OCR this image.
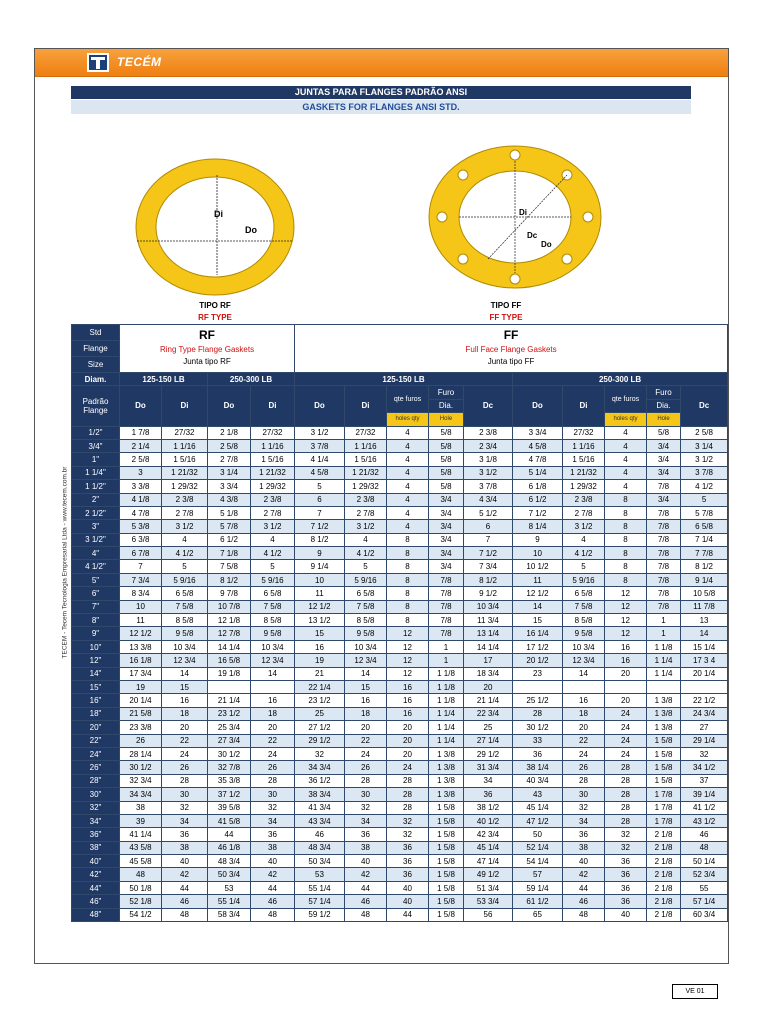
TECÉM
JUNTAS PARA FLANGES PADRÃO ANSI
GASKETS FOR FLANGES ANSI STD.
Di
Do
TIPO RF
RF TYPE
Di
Dc
Do
TIPO FF
FF TYPE
TECEM - Tecem Tecnologia Empresarial Ltda - www.tecem.com.br
Std	RF
Ring Type Flange Gaskets
Junta tipo RF				FF
Full Face Flange Gaskets
Junta tipo FF									

Flange														
Size														
Diam.	125-150 LB		250-300 LB		125-150 LB					250-300 LB				
Padrão
Flange	Do	Di	Do	Di	Do	Di	qte furos	Furo	Dc	Do	Di	qte furos	Furo	Dc
								Dia.					Dia.	
							holes qty	Hole				holes qty	Hole	
1/2"	1 7/8	27/32	2 1/8	27/32	3 1/2	27/32	4	5/8	2 3/8	3 3/4	27/32	4	5/8	2 5/8
3/4"	2 1/4	1 1/16	2 5/8	1 1/16	3 7/8	1 1/16	4	5/8	2 3/4	4 5/8	1 1/16	4	3/4	3 1/4
1"	2 5/8	1 5/16	2 7/8	1 5/16	4 1/4	1 5/16	4	5/8	3 1/8	4 7/8	1 5/16	4	3/4	3 1/2
1 1/4"	3	1 21/32	3 1/4	1 21/32	4 5/8	1 21/32	4	5/8	3 1/2	5 1/4	1 21/32	4	3/4	3 7/8
1 1/2"	3 3/8	1 29/32	3 3/4	1 29/32	5	1 29/32	4	5/8	3 7/8	6 1/8	1 29/32	4	7/8	4 1/2
2"	4 1/8	2 3/8	4 3/8	2 3/8	6	2 3/8	4	3/4	4 3/4	6 1/2	2 3/8	8	3/4	5
2 1/2"	4 7/8	2 7/8	5 1/8	2 7/8	7	2 7/8	4	3/4	5 1/2	7 1/2	2 7/8	8	7/8	5 7/8
3"	5 3/8	3 1/2	5 7/8	3 1/2	7 1/2	3 1/2	4	3/4	6	8 1/4	3 1/2	8	7/8	6 5/8
3 1/2"	6 3/8	4	6 1/2	4	8 1/2	4	8	3/4	7	9	4	8	7/8	7 1/4
4"	6 7/8	4 1/2	7 1/8	4 1/2	9	4 1/2	8	3/4	7 1/2	10	4 1/2	8	7/8	7 7/8
4 1/2"	7	5	7 5/8	5	9 1/4	5	8	3/4	7 3/4	10 1/2	5	8	7/8	8 1/2
5"	7 3/4	5 9/16	8 1/2	5 9/16	10	5 9/16	8	7/8	8 1/2	11	5 9/16	8	7/8	9 1/4
6"	8 3/4	6 5/8	9 7/8	6 5/8	11	6 5/8	8	7/8	9 1/2	12 1/2	6 5/8	12	7/8	10 5/8
7"	10	7 5/8	10 7/8	7 5/8	12 1/2	7 5/8	8	7/8	10 3/4	14	7 5/8	12	7/8	11 7/8
8"	11	8 5/8	12 1/8	8 5/8	13 1/2	8 5/8	8	7/8	11 3/4	15	8 5/8	12	1	13
9"	12 1/2	9 5/8	12 7/8	9 5/8	15	9 5/8	12	7/8	13 1/4	16 1/4	9 5/8	12	1	14
10"	13 3/8	10 3/4	14 1/4	10 3/4	16	10 3/4	12	1	14 1/4	17 1/2	10 3/4	16	1 1/8	15 1/4
12"	16 1/8	12 3/4	16 5/8	12 3/4	19	12 3/4	12	1	17	20 1/2	12 3/4	16	1 1/4	17 3 4
14"	17 3/4	14	19 1/8	14	21	14	12	1 1/8	18 3/4	23	14	20	1 1/4	20 1/4
15"	19	15			22 1/4	15	16	1 1/8	20					
16"	20 1/4	16	21 1/4	16	23 1/2	16	16	1 1/8	21 1/4	25 1/2	16	20	1 3/8	22 1/2
18"	21 5/8	18	23 1/2	18	25	18	16	1 1/4	22 3/4	28	18	24	1 3/8	24 3/4
20"	23 3/8	20	25 3/4	20	27 1/2	20	20	1 1/4	25	30 1/2	20	24	1 3/8	27
22"	26	22	27 3/4	22	29 1/2	22	20	1 1/4	27 1/4	33	22	24	1 5/8	29 1/4
24"	28 1/4	24	30 1/2	24	32	24	20	1 3/8	29 1/2	36	24	24	1 5/8	32
26"	30 1/2	26	32 7/8	26	34 3/4	26	24	1 3/8	31 3/4	38 1/4	26	28	1 5/8	34 1/2
28"	32 3/4	28	35 3/8	28	36 1/2	28	28	1 3/8	34	40 3/4	28	28	1 5/8	37
30"	34 3/4	30	37 1/2	30	38 3/4	30	28	1 3/8	36	43	30	28	1 7/8	39 1/4
32"	38	32	39 5/8	32	41 3/4	32	28	1 5/8	38 1/2	45 1/4	32	28	1 7/8	41 1/2
34"	39	34	41 5/8	34	43 3/4	34	32	1 5/8	40 1/2	47 1/2	34	28	1 7/8	43 1/2
36"	41 1/4	36	44	36	46	36	32	1 5/8	42 3/4	50	36	32	2 1/8	46
38"	43 5/8	38	46 1/8	38	48 3/4	38	36	1 5/8	45 1/4	52 1/4	38	32	2 1/8	48
40"	45 5/8	40	48 3/4	40	50 3/4	40	36	1 5/8	47 1/4	54 1/4	40	36	2 1/8	50 1/4
42"	48	42	50 3/4	42	53	42	36	1 5/8	49 1/2	57	42	36	2 1/8	52 3/4
44"	50 1/8	44	53	44	55 1/4	44	40	1 5/8	51 3/4	59 1/4	44	36	2 1/8	55
46"	52 1/8	46	55 1/4	46	57 1/4	46	40	1 5/8	53 3/4	61 1/2	46	36	2 1/8	57 1/4
48"	54 1/2	48	58 3/4	48	59 1/2	48	44	1 5/8	56	65	48	40	2 1/8	60 3/4
VE 01
